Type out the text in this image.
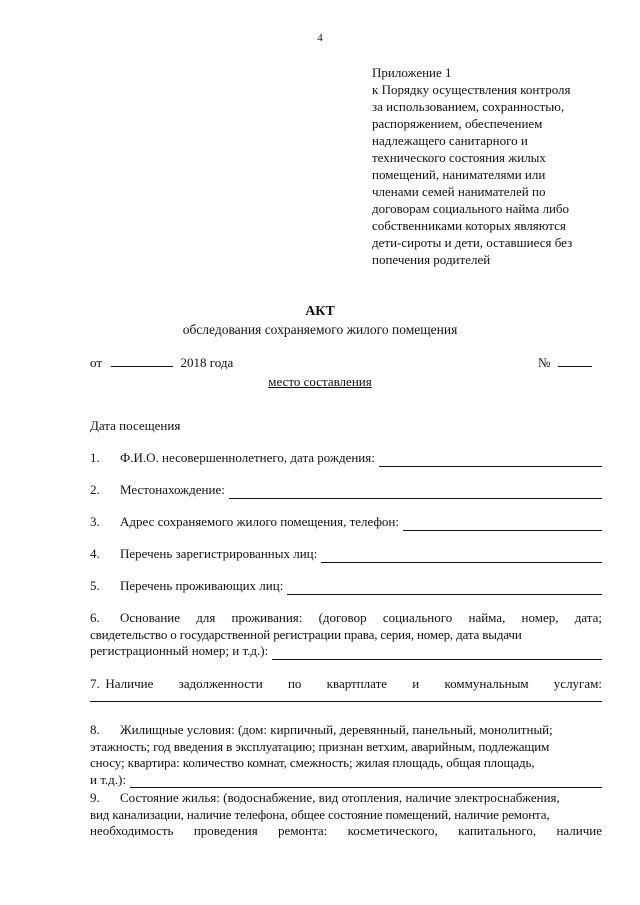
4
Приложение 1
к Порядку осуществления контроля
за использованием, сохранностью,
распоряжением, обеспечением
надлежащего санитарного и
технического состояния жилых
помещений, нанимателями или
членами семей нанимателей по
договорам социального найма либо
собственниками которых являются
дети-сироты и дети, оставшиеся без
попечения родителей
АКТ
обследования сохраняемого жилого помещения
от	2018 года	№
место составления
Дата посещения
1.	Ф.И.О. несовершеннолетнего, дата рождения:
2.	Местонахождение:
3.	Адрес сохраняемого жилого помещения, телефон:
4.	Перечень зарегистрированных лиц:
5.	Перечень проживающих лиц:
6. Основание для проживания: (договор социального найма, номер, дата;
свидетельство о государственной регистрации права, серия, номер, дата выдачи
регистрационный номер; и т.д.):
7. Наличие задолженности по квартплате и коммунальным услугам:
8. Жилищные условия: (дом: кирпичный, деревянный, панельный, монолитный;
этажность; год введения в эксплуатацию; признан ветхим, аварийным, подлежащим
сносу; квартира: количество комнат, смежность; жилая площадь, общая площадь,
и т.д.):
9. Состояние жилья: (водоснабжение, вид отопления, наличие электроснабжения,
вид канализации, наличие телефона, общее состояние помещений, наличие ремонта,
необходимость проведения ремонта: косметического, капитального, наличие
